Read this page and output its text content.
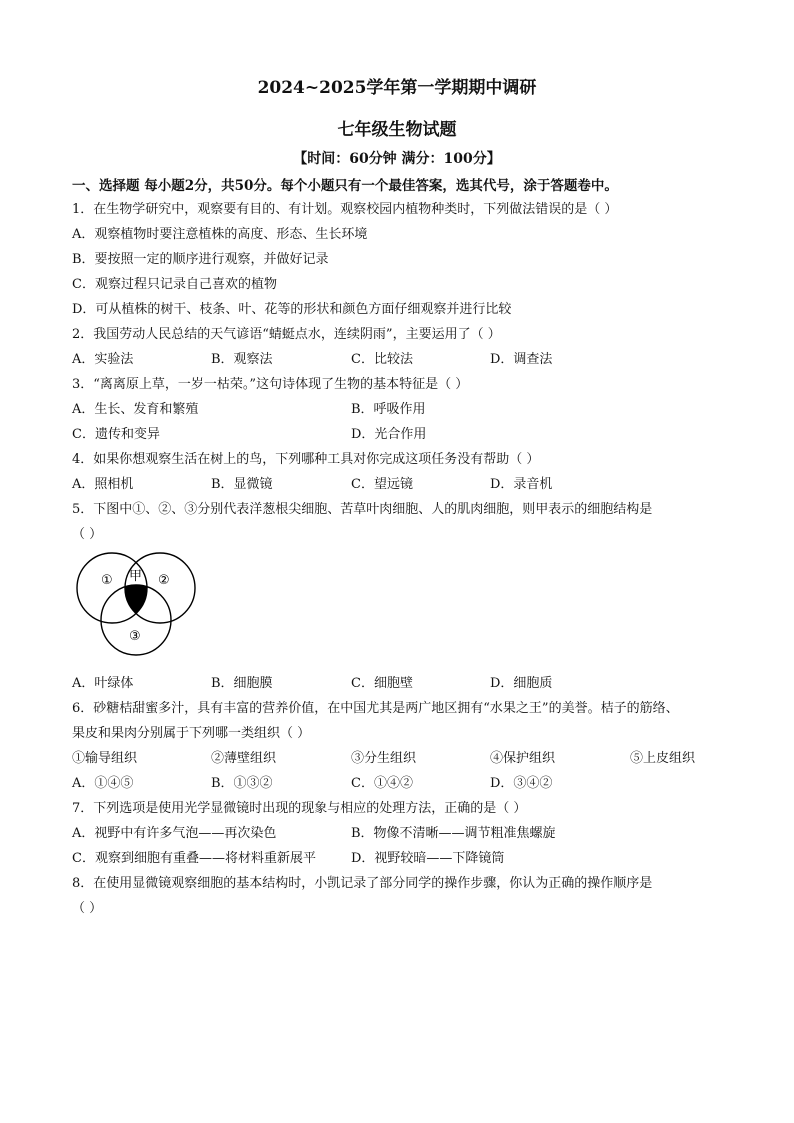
2024~2025学年第一学期期中调研
七年级生物试题
【时间：60分钟 满分：100分】
一、选择题 每小题2分，共50分。每个小题只有一个最佳答案，选其代号，涂于答题卷中。
1．在生物学研究中，观察要有目的、有计划。观察校园内植物种类时，下列做法错误的是（ ）
A．观察植物时要注意植株的高度、形态、生长环境
B．要按照一定的顺序进行观察，并做好记录
C．观察过程只记录自己喜欢的植物
D．可从植株的树干、枝条、叶、花等的形状和颜色方面仔细观察并进行比较
2．我国劳动人民总结的天气谚语“蜻蜓点水，连续阴雨”，主要运用了（ ）
A．实验法	B．观察法	C．比较法	D．调查法
3．“离离原上草，一岁一枯荣。”这句诗体现了生物的基本特征是（ ）
A．生长、发育和繁殖	B．呼吸作用
C．遗传和变异	D．光合作用
4．如果你想观察生活在树上的鸟，下列哪种工具对你完成这项任务没有帮助（ ）
A．照相机	B．显微镜	C．望远镜	D．录音机
5．下图中①、②、③分别代表洋葱根尖细胞、苦草叶肉细胞、人的肌肉细胞，则甲表示的细胞结构是
（ ）
①	②
③
甲
A．叶绿体	B．细胞膜	C．细胞壁	D．细胞质
6．砂糖桔甜蜜多汁，具有丰富的营养价值，在中国尤其是两广地区拥有“水果之王”的美誉。桔子的筋络、
果皮和果肉分别属于下列哪一类组织（ ）
①输导组织	②薄壁组织	③分生组织	④保护组织	⑤上皮组织
A．①④⑤	B．①③②	C．①④②	D．③④②
7．下列选项是使用光学显微镜时出现的现象与相应的处理方法，正确的是（ ）
A．视野中有许多气泡——再次染色	B．物像不清晰——调节粗准焦螺旋
C．观察到细胞有重叠——将材料重新展平	D．视野较暗——下降镜筒
8．在使用显微镜观察细胞的基本结构时，小凯记录了部分同学的操作步骤，你认为正确的操作顺序是
（ ）
